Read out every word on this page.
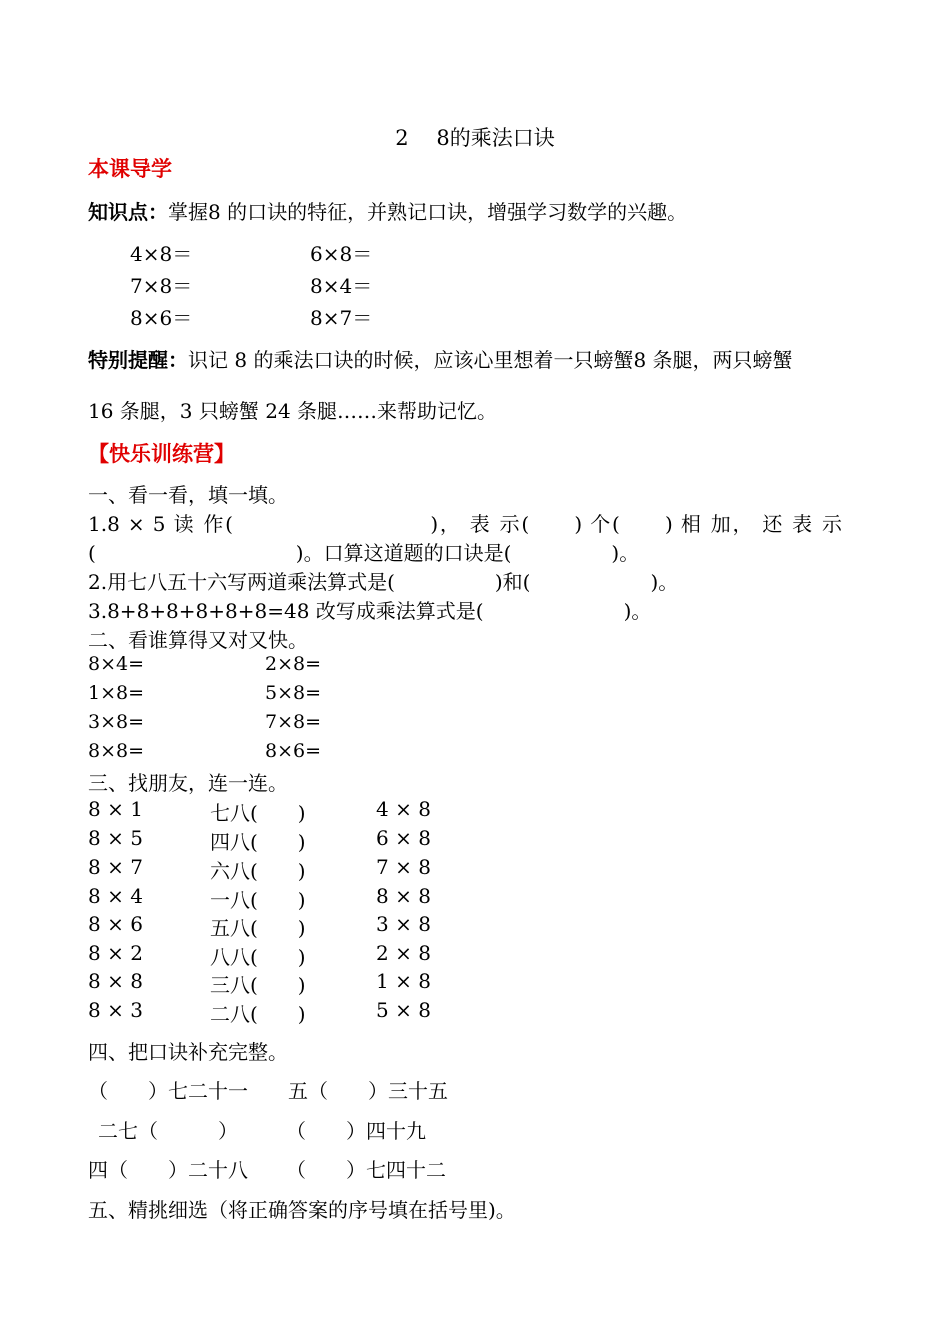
2　 8的乘法口诀
本课导学
知识点：掌握8 的口诀的特征，并熟记口诀，增强学习数学的兴趣。
4×8＝	6×8＝
7×8＝	8×4＝
8×6＝	8×7＝
特别提醒：识记 8 的乘法口诀的时候，应该心里想着一只螃蟹8 条腿，两只螃蟹
16 条腿，3 只螃蟹 24 条腿……来帮助记忆。
【快乐训练营】
一、看一看，填一填。
1.8 × 5 读 作(　　　　　　　　　)， 表 示(　　) 个(　　) 相 加， 还 表 示
(　　　　　　　　　　)。口算这道题的口诀是(　　　　　)。
2.用七八五十六写两道乘法算式是(　　　　　)和(　　　　　　)。
3.8+8+8+8+8+8=48 改写成乘法算式是(　　　　　　　)。
二、看谁算得又对又快。
8×4=	2×8=
1×8=	5×8=
3×8=	7×8=
8×8=	8×6=
三、找朋友，连一连。
8 × 1	七八(　　)	4 × 8
8 × 5	四八(　　)	6 × 8
8 × 7	六八(　　)	7 × 8
8 × 4	一八(　　)	8 × 8
8 × 6	五八(　　)	3 × 8
8 × 2	八八(　　)	2 × 8
8 × 8	三八(　　)	1 × 8
8 × 3	二八(　　)	5 × 8
四、把口诀补充完整。
（　　）七二十一 五（　　）三十五
二七（　　　） （　　）四十九
四（　　）二十八 （　　）七四十二
五、精挑细选（将正确答案的序号填在括号里)。
